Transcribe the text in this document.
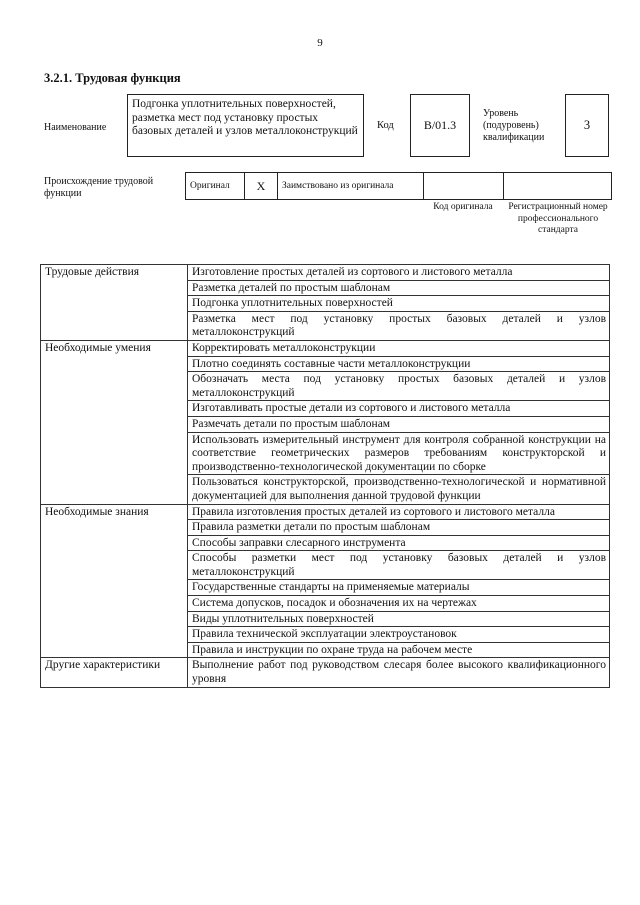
9
3.2.1. Трудовая функция
Наименование
Подгонка уплотнительных поверхностей, разметка мест под установку простых базовых деталей и узлов металлоконструкций	Код	B/01.3
Уровень (подуровень) квалификации
3
Происхождение трудовой функции
Оригинал	X	Заимствовано из оригинала
Код оригинала	Регистрационный номер профессионального стандарта
Трудовые действия	Изготовление простых деталей из сортового и листового металла
	Разметка деталей по простым шаблонам
	Подгонка уплотнительных поверхностей
	Разметка мест под установку простых базовых деталей и узлов металлоконструкций
Необходимые умения	Корректировать металлоконструкции
	Плотно соединять составные части металлоконструкции
	Обозначать места под установку простых базовых деталей и узлов металлоконструкций
	Изготавливать простые детали из сортового и листового металла
	Размечать детали по простым шаблонам
	Использовать измерительный инструмент для контроля собранной конструкции на соответствие геометрических размеров требованиям конструкторской и производственно-технологической документации по сборке
	Пользоваться конструкторской, производственно-технологической и нормативной документацией для выполнения данной трудовой функции
Необходимые знания	Правила изготовления простых деталей из сортового и листового металла
	Правила разметки детали по простым шаблонам
	Способы заправки слесарного инструмента
	Способы разметки мест под установку базовых деталей и узлов металлоконструкций
	Государственные стандарты на применяемые материалы
	Система допусков, посадок и обозначения их на чертежах
	Виды уплотнительных поверхностей
	Правила технической эксплуатации электроустановок
	Правила и инструкции по охране труда на рабочем месте
Другие характеристики	Выполнение работ под руководством слесаря более высокого квалификационного уровня
